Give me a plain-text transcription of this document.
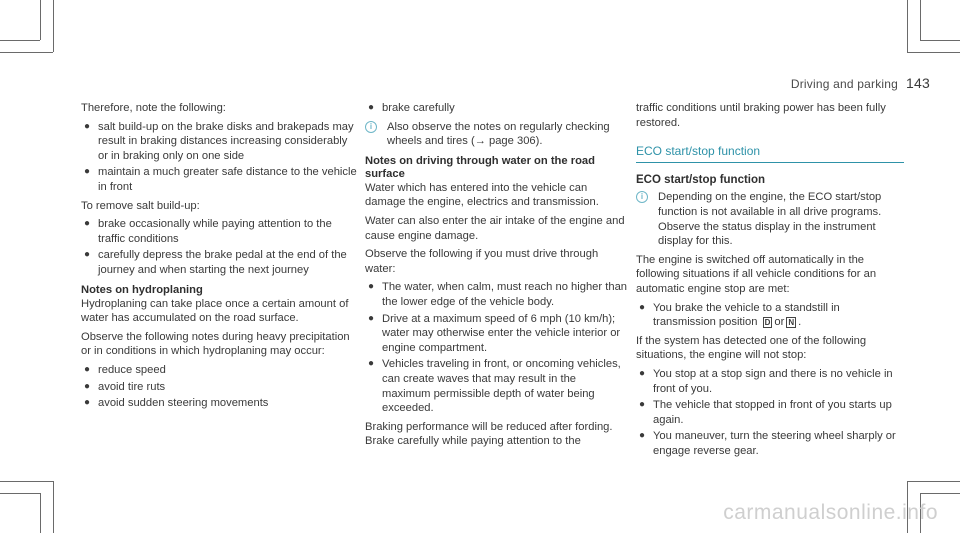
Driving and parking 143

Therefore, note the following:

● salt build-up on the brake disks and brakepads may result in braking distances increasing considerably or in braking only on one side
● maintain a much greater safe distance to the vehicle in front

To remove salt build-up:

● brake occasionally while paying attention to the traffic conditions
● carefully depress the brake pedal at the end of the journey and when starting the next journey
Notes on hydroplaning

Hydroplaning can take place once a certain amount of water has accumulated on the road surface.

Observe the following notes during heavy precipitation or in conditions in which hydroplaning may occur:

● reduce speed
● avoid tire ruts
● avoid sudden steering movements
● brake carefully
i	Also observe the notes on regularly checking wheels and tires (→ page 306).
Notes on driving through water on the road surface

Water which has entered into the vehicle can damage the engine, electrics and transmission.

Water can also enter the air intake of the engine and cause engine damage.

Observe the following if you must drive through water:

● The water, when calm, must reach no higher than the lower edge of the vehicle body.
● Drive at a maximum speed of 6 mph (10 km/h); water may otherwise enter the vehicle interior or engine compartment.
● Vehicles traveling in front, or oncoming vehicles, can create waves that may result in the maximum permissible depth of water being exceeded.

Braking performance will be reduced after fording. Brake carefully while paying attention to the

traffic conditions until braking power has been fully restored.

ECO start/stop function
ECO start/stop function
i	Depending on the engine, the ECO start/stop function is not available in all drive programs. Observe the status display in the instrument display for this.

The engine is switched off automatically in the following situations if all vehicle conditions for an automatic engine stop are met:

● You brake the vehicle to a standstill in transmission position D or N .

If the system has detected one of the following situations, the engine will not stop:

● You stop at a stop sign and there is no vehicle in front of you.
● The vehicle that stopped in front of you starts up again.
● You maneuver, turn the steering wheel sharply or engage reverse gear.
carmanualsonline.info
